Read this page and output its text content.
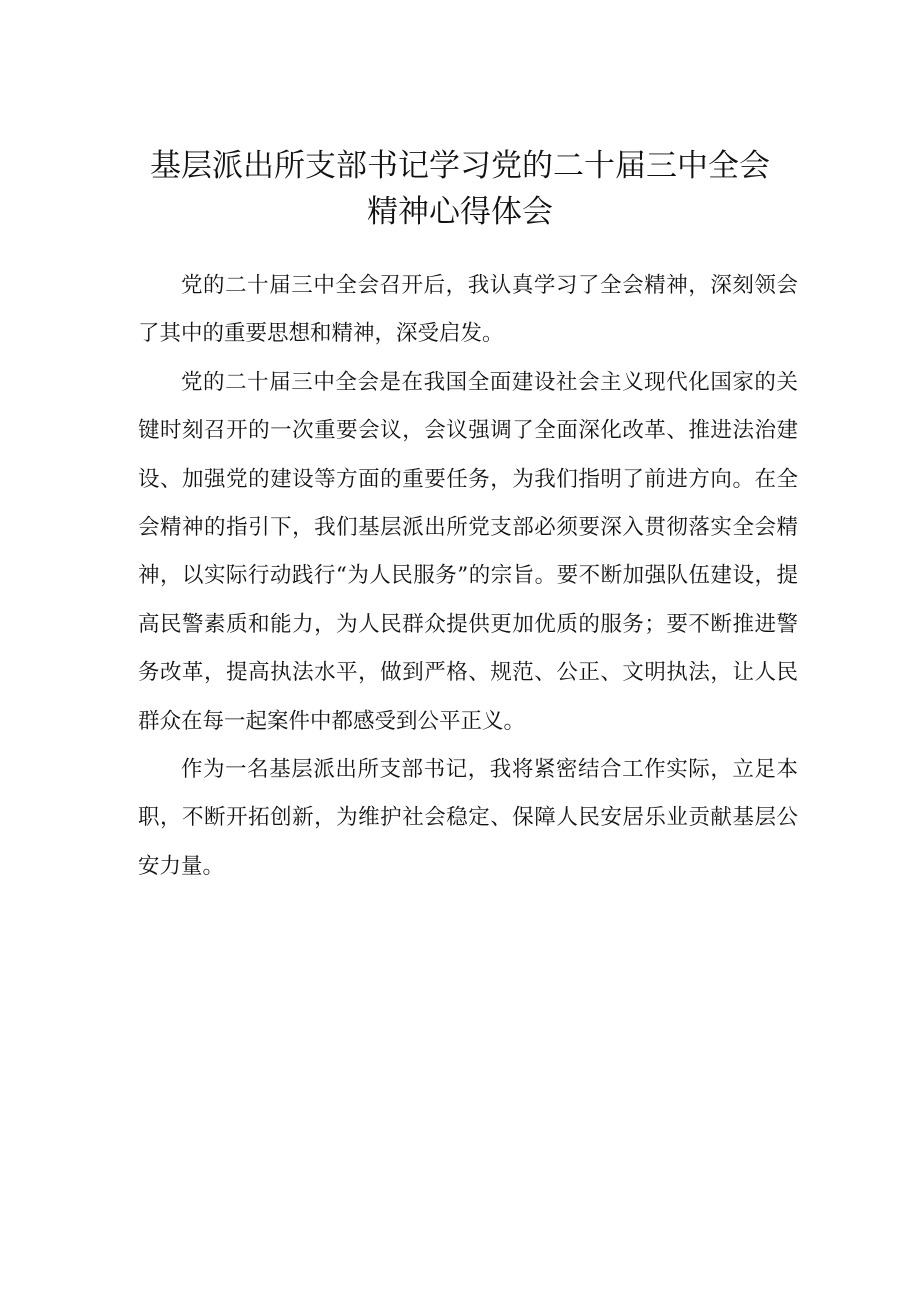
基层派出所支部书记学习党的二十届三中全会
精神心得体会

党的二十届三中全会召开后，我认真学习了全会精神，深刻领会了其中的重要思想和精神，深受启发。

党的二十届三中全会是在我国全面建设社会主义现代化国家的关键时刻召开的一次重要会议，会议强调了全面深化改革、推进法治建设、加强党的建设等方面的重要任务，为我们指明了前进方向。在全会精神的指引下，我们基层派出所党支部必须要深入贯彻落实全会精神，以实际行动践行“为人民服务”的宗旨。要不断加强队伍建设，提高民警素质和能力，为人民群众提供更加优质的服务；要不断推进警务改革，提高执法水平，做到严格、规范、公正、文明执法，让人民群众在每一起案件中都感受到公平正义。

作为一名基层派出所支部书记，我将紧密结合工作实际，立足本职，不断开拓创新，为维护社会稳定、保障人民安居乐业贡献基层公安力量。
